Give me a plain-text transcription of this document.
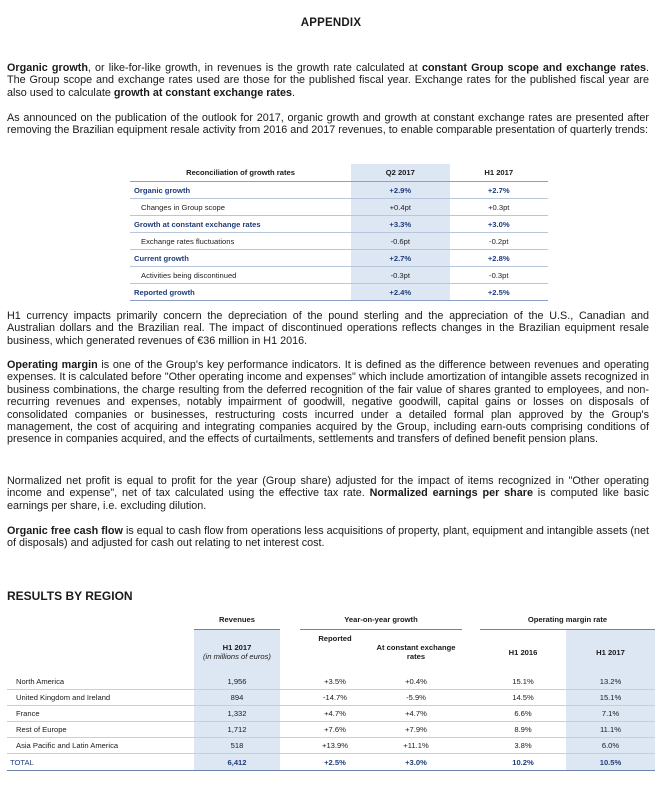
APPENDIX

Organic growth, or like-for-like growth, in revenues is the growth rate calculated at constant Group scope and exchange rates. The Group scope and exchange rates used are those for the published fiscal year. Exchange rates for the published fiscal year are also used to calculate growth at constant exchange rates.

As announced on the publication of the outlook for 2017, organic growth and growth at constant exchange rates are presented after removing the Brazilian equipment resale activity from 2016 and 2017 revenues, to enable comparable presentation of quarterly trends:

Reconciliation of growth rates	Q2 2017	H1 2017
Organic growth	+2.9%	+2.7%
Changes in Group scope	+0.4pt	+0.3pt
Growth at constant exchange rates	+3.3%	+3.0%
Exchange rates fluctuations	-0.6pt	-0.2pt
Current growth	+2.7%	+2.8%
Activities being discontinued	-0.3pt	-0.3pt
Reported growth	+2.4%	+2.5%

H1 currency impacts primarily concern the depreciation of the pound sterling and the appreciation of the U.S., Canadian and Australian dollars and the Brazilian real. The impact of discontinued operations reflects changes in the Brazilian equipment resale business, which generated revenues of €36 million in H1 2016.

Operating margin is one of the Group's key performance indicators. It is defined as the difference between revenues and operating expenses. It is calculated before "Other operating income and expenses" which include amortization of intangible assets recognized in business combinations, the charge resulting from the deferred recognition of the fair value of shares granted to employees, and non-recurring revenues and expenses, notably impairment of goodwill, negative goodwill, capital gains or losses on disposals of consolidated companies or businesses, restructuring costs incurred under a detailed formal plan approved by the Group's management, the cost of acquiring and integrating companies acquired by the Group, including earn-outs comprising conditions of presence in companies acquired, and the effects of curtailments, settlements and transfers of defined benefit pension plans.

Normalized net profit is equal to profit for the year (Group share) adjusted for the impact of items recognized in "Other operating income and expense", net of tax calculated using the effective tax rate. Normalized earnings per share is computed like basic earnings per share, i.e. excluding dilution.

Organic free cash flow is equal to cash flow from operations less acquisitions of property, plant, equipment and intangible assets (net of disposals) and adjusted for cash out relating to net interest cost.

RESULTS BY REGION
	Revenues		Year-on-year growth			Operating margin rate	
	H1 2017
(in millions of euros)		Reported	At constant exchange rates		H1 2016	H1 2017
North America	1,956		+3.5%	+0.4%		15.1%	13.2%
United Kingdom and Ireland	894		-14.7%	-5.9%		14.5%	15.1%
France	1,332		+4.7%	+4.7%		6.6%	7.1%
Rest of Europe	1,712		+7.6%	+7.9%		8.9%	11.1%
Asia Pacific and Latin America	518		+13.9%	+11.1%		3.8%	6.0%
TOTAL	6,412		+2.5%	+3.0%		10.2%	10.5%
